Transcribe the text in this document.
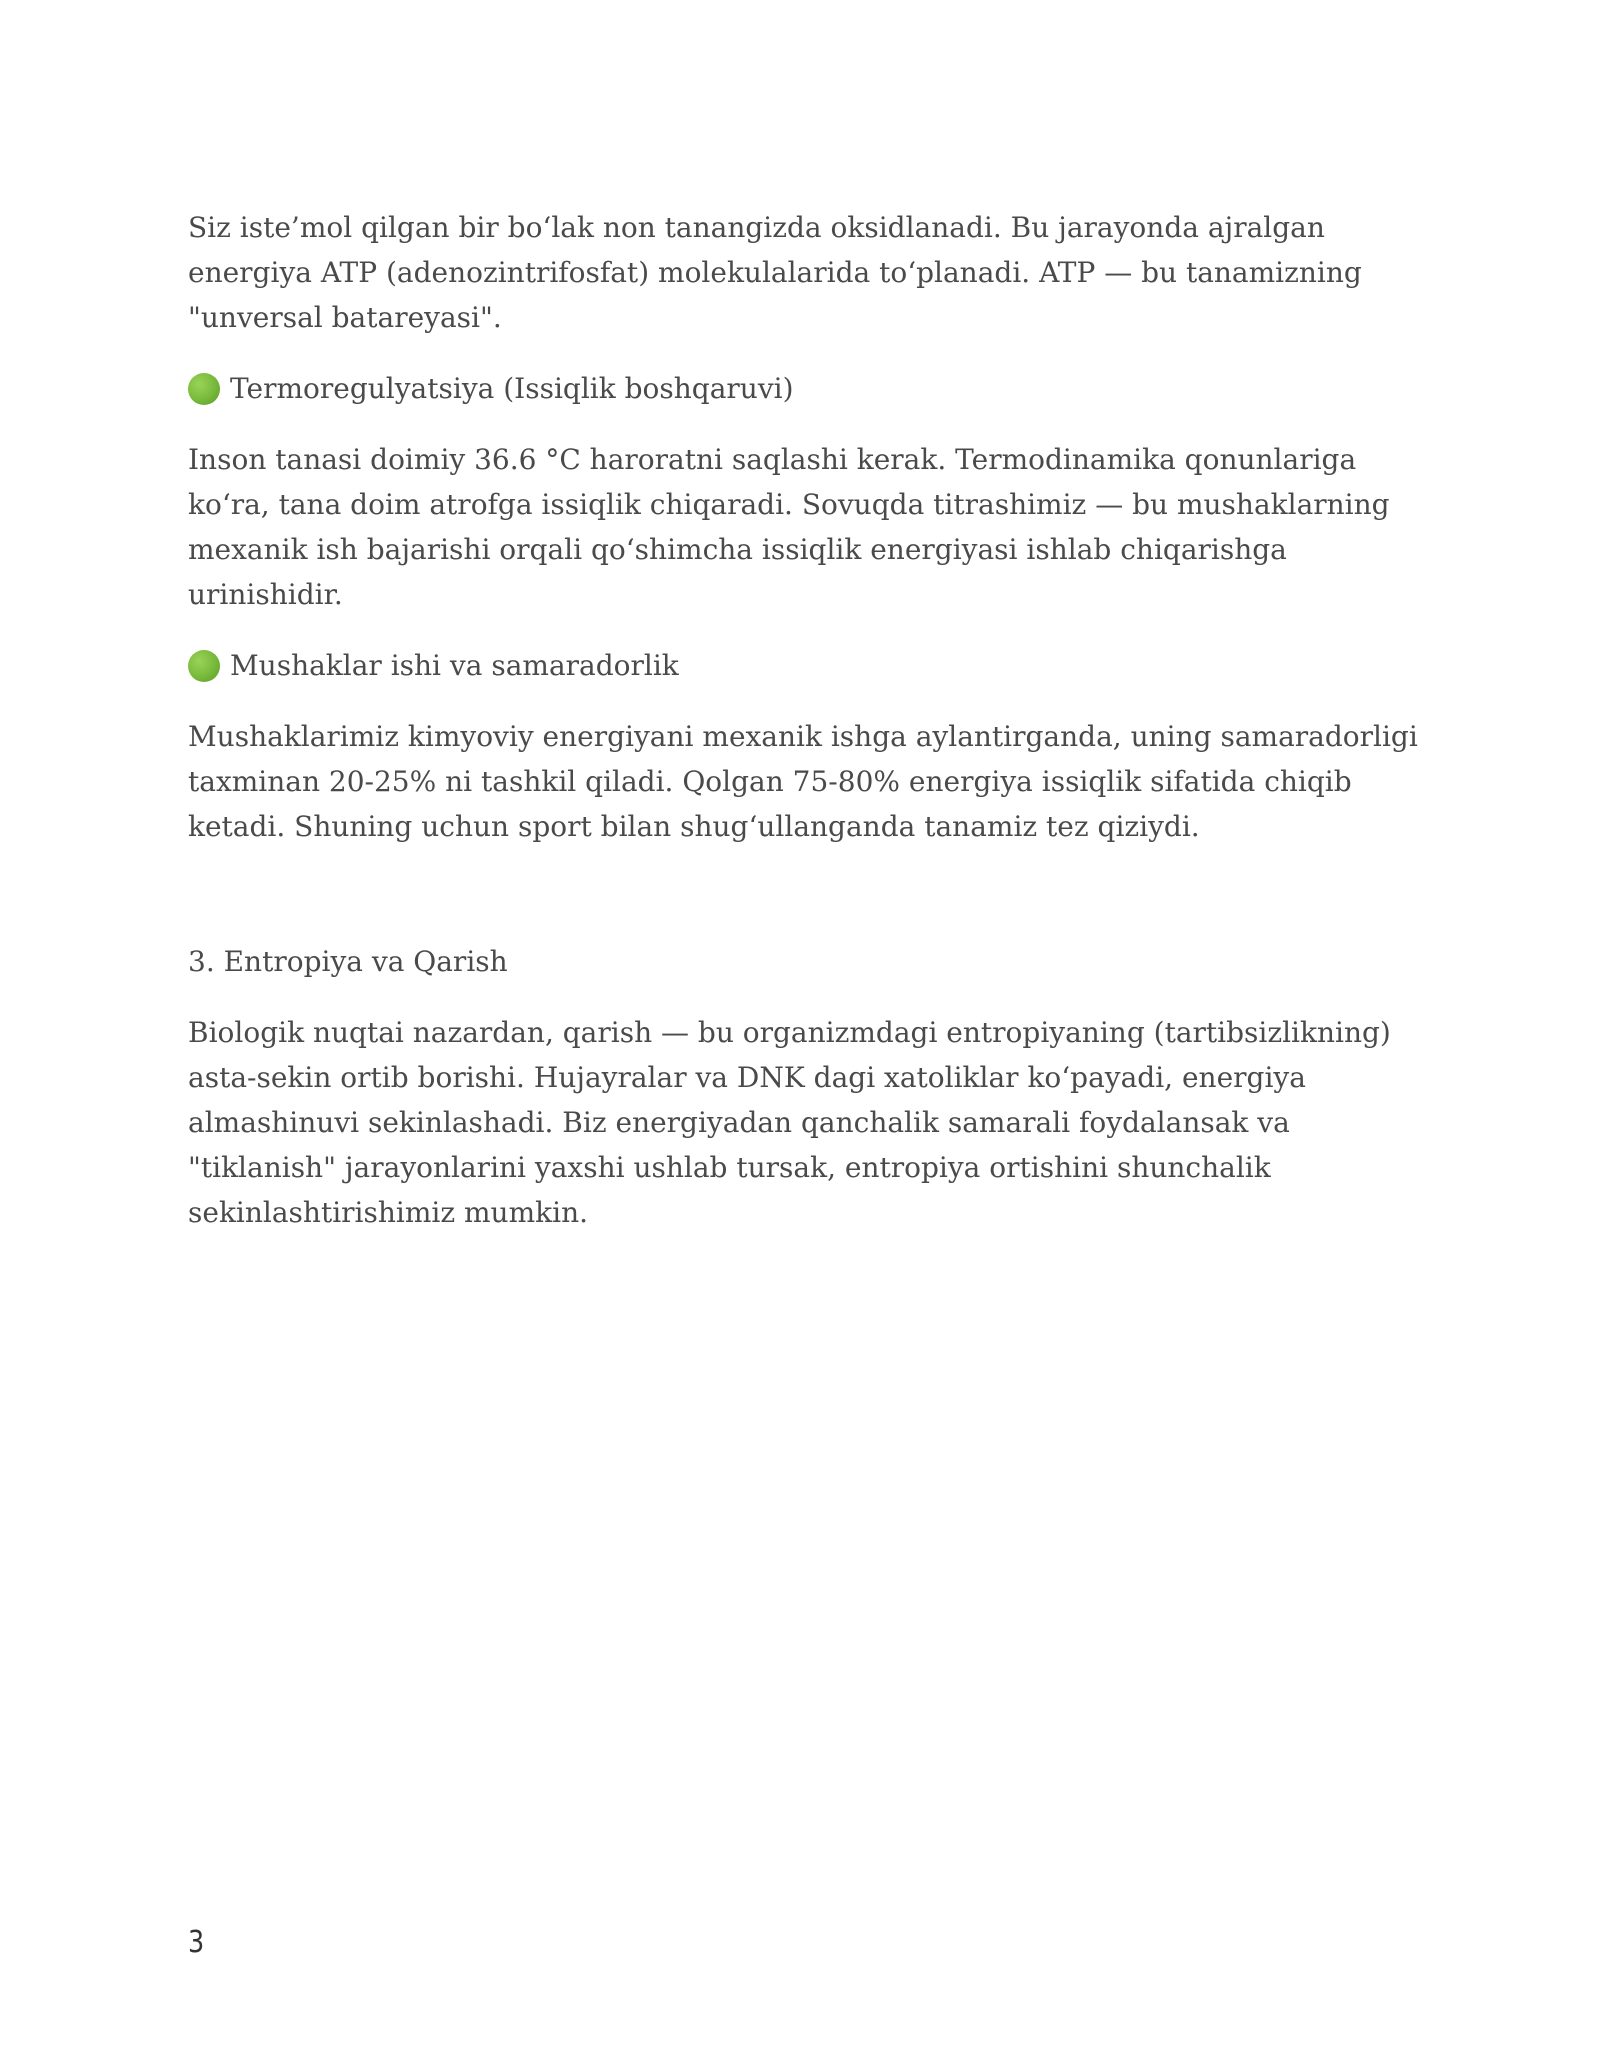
Siz iste’mol qilgan bir bo‘lak non tanangizda oksidlanadi. Bu jarayonda ajralgan energiya ATP (adenozintrifosfat) molekulalarida to‘planadi. ATP — bu tanamizning "unversal batareyasi".

Termoregulyatsiya (Issiqlik boshqaruvi)

Inson tanasi doimiy 36.6 °C haroratni saqlashi kerak. Termodinamika qonunlariga ko‘ra, tana doim atrofga issiqlik chiqaradi. Sovuqda titrashimiz — bu mushaklarning mexanik ish bajarishi orqali qo‘shimcha issiqlik energiyasi ishlab chiqarishga urinishidir.

Mushaklar ishi va samaradorlik

Mushaklarimiz kimyoviy energiyani mexanik ishga aylantirganda, uning samaradorligi taxminan 20-25% ni tashkil qiladi. Qolgan 75-80% energiya issiqlik sifatida chiqib ketadi. Shuning uchun sport bilan shug‘ullanganda tanamiz tez qiziydi.

3. Entropiya va Qarish

Biologik nuqtai nazardan, qarish — bu organizmdagi entropiyaning (tartibsizlikning) asta-sekin ortib borishi. Hujayralar va DNK dagi xatoliklar ko‘payadi, energiya almashinuvi sekinlashadi. Biz energiyadan qanchalik samarali foydalansak va "tiklanish" jarayonlarini yaxshi ushlab tursak, entropiya ortishini shunchalik sekinlashtirishimiz mumkin.

3
